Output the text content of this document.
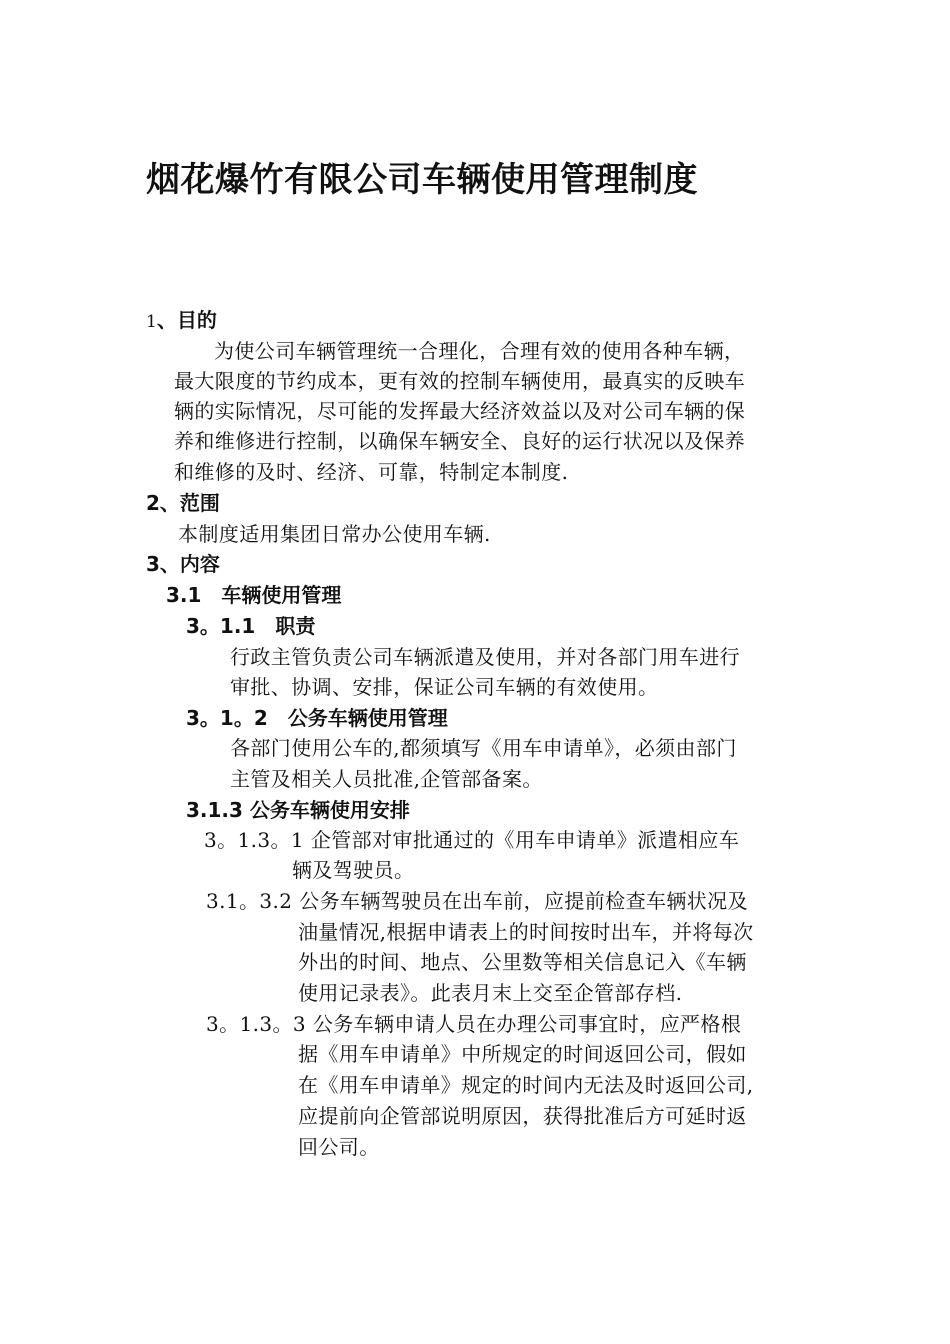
烟花爆竹有限公司车辆使用管理制度
1、目的
为使公司车辆管理统一合理化，合理有效的使用各种车辆，
最大限度的节约成本，更有效的控制车辆使用，最真实的反映车
辆的实际情况，尽可能的发挥最大经济效益以及对公司车辆的保
养和维修进行控制，以确保车辆安全、良好的运行状况以及保养
和维修的及时、经济、可靠，特制定本制度.
2、范围
本制度适用集团日常办公使用车辆.
3、内容
3.1　车辆使用管理
3。1.1　职责
行政主管负责公司车辆派遣及使用，并对各部门用车进行
审批、协调、安排，保证公司车辆的有效使用。
3。1。2　公务车辆使用管理
各部门使用公车的,都须填写《用车申请单》，必须由部门
主管及相关人员批准,企管部备案。
3.1.3 公务车辆使用安排
3。1.3。1 企管部对审批通过的《用车申请单》派遣相应车
辆及驾驶员。
3.1。3.2 公务车辆驾驶员在出车前，应提前检查车辆状况及
油量情况,根据申请表上的时间按时出车，并将每次
外出的时间、地点、公里数等相关信息记入《车辆
使用记录表》。此表月末上交至企管部存档.
3。1.3。3 公务车辆申请人员在办理公司事宜时，应严格根
据《用车申请单》中所规定的时间返回公司，假如
在《用车申请单》规定的时间内无法及时返回公司,
应提前向企管部说明原因，获得批准后方可延时返
回公司。
